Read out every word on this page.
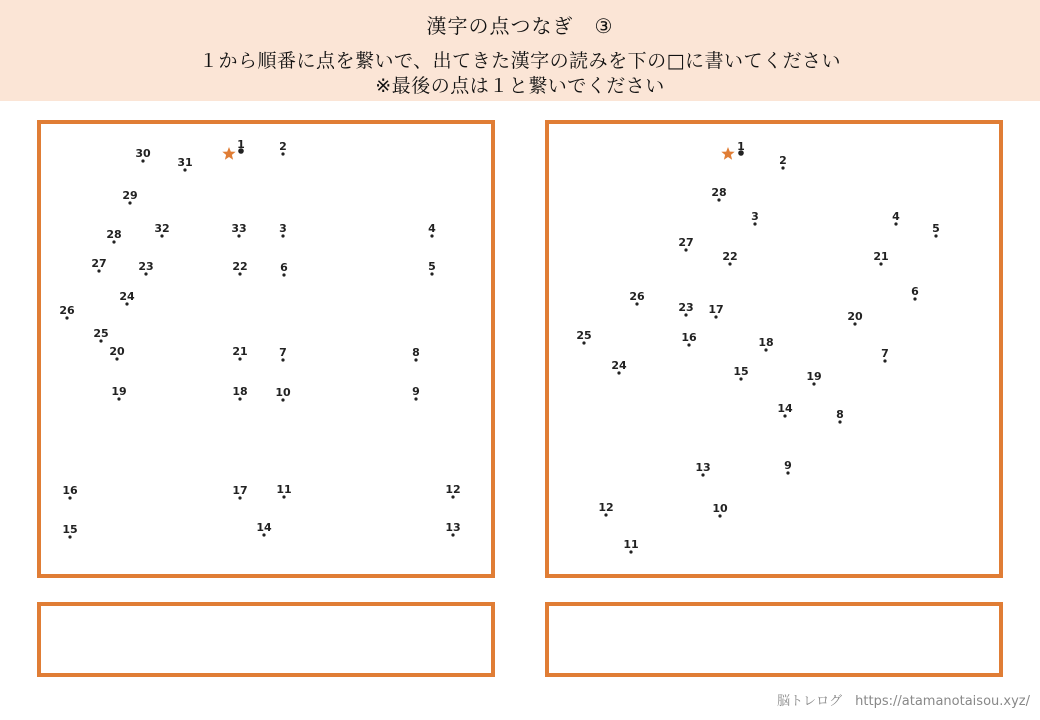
漢字の点つなぎ　③
１から順番に点を繋いで、出てきた漢字の読みを下の□に書いてください
※最後の点は１と繋いでください
1	2
3	4
5
6
7	8
9
10
11	12
13
14
15
16	17
18
19
20	21
22
23
24
25
26
27
28
29
30
31
32	33
1
2
3	4
5
6
7
8
9
10
11
12
13
14
15
16
17
18
19
20
21
22
23
24
25
26
27
28
脳トレログ　https://atamanotaisou.xyz/
